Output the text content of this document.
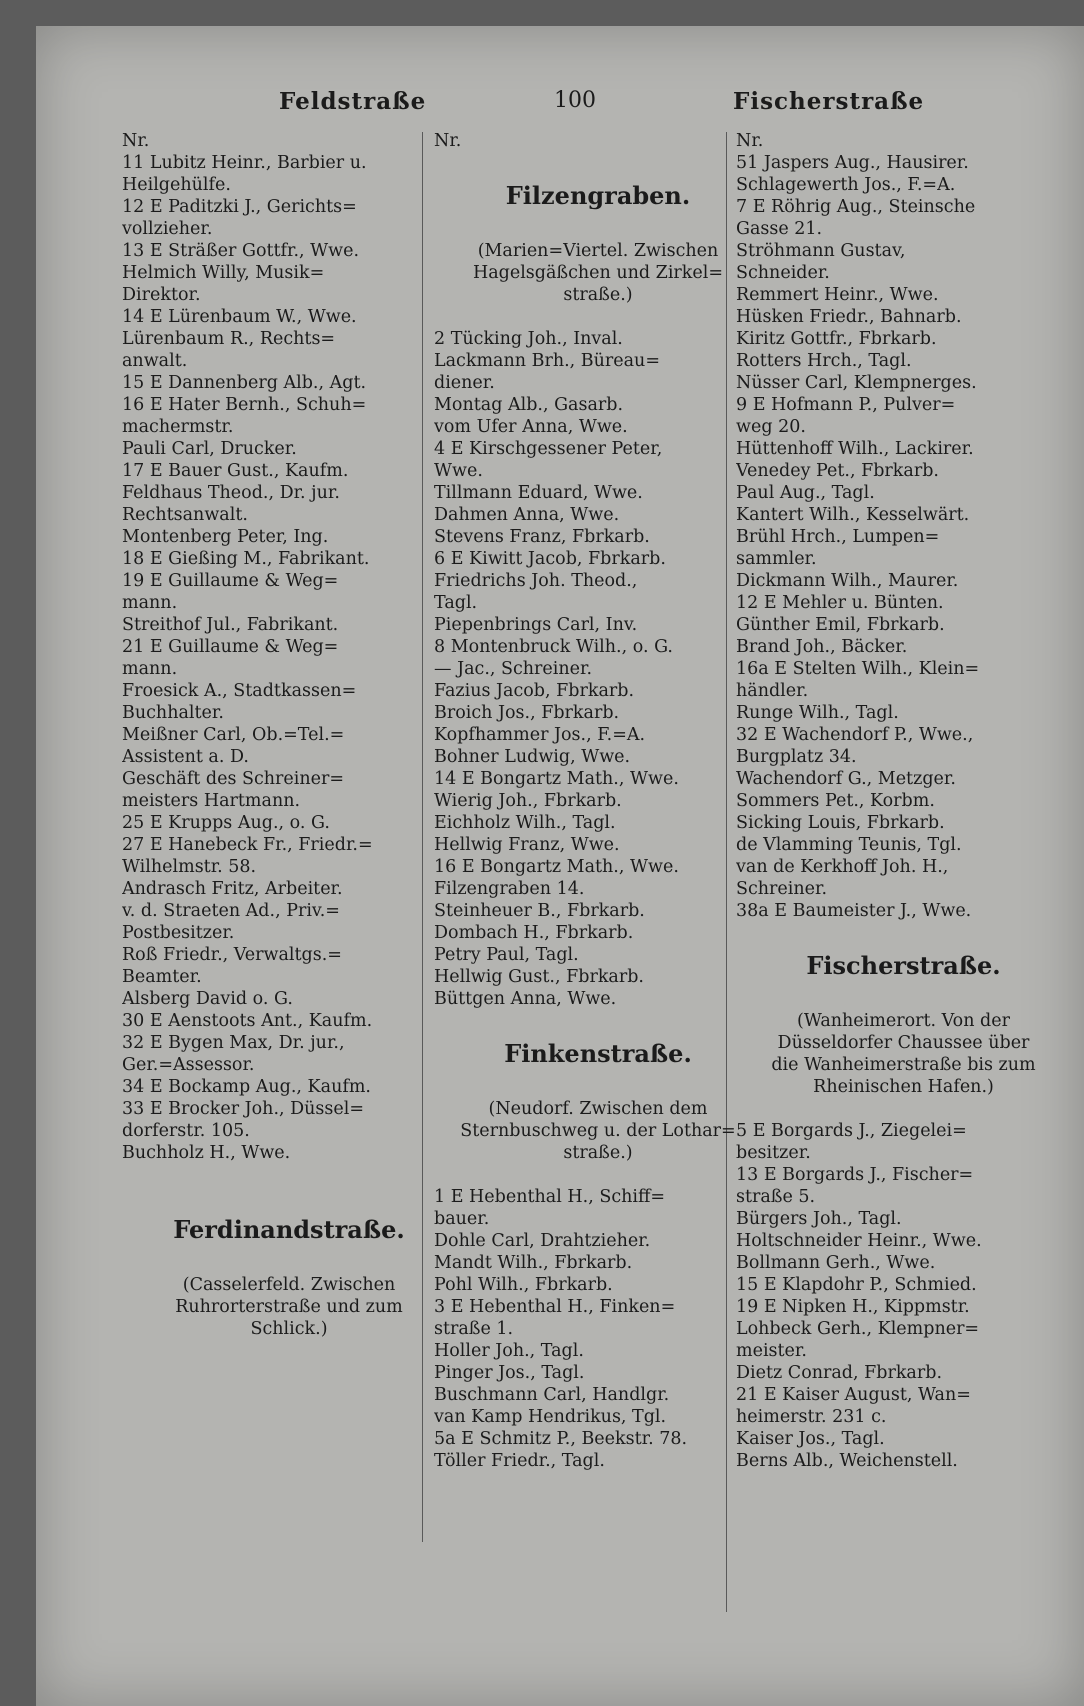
Feldstraße	100	Fischerstraße
Nr.
11 Lubitz Heinr., Barbier u.
Heilgehülfe.
12 E Paditzki J., Gerichts=
vollzieher.
13 E Sträßer Gottfr., Wwe.
Helmich Willy, Musik=
Direktor.
14 E Lürenbaum W., Wwe.
Lürenbaum R., Rechts=
anwalt.
15 E Dannenberg Alb., Agt.
16 E Hater Bernh., Schuh=
machermstr.
Pauli Carl, Drucker.
17 E Bauer Gust., Kaufm.
Feldhaus Theod., Dr. jur.
Rechtsanwalt.
Montenberg Peter, Ing.
18 E Gießing M., Fabrikant.
19 E Guillaume & Weg=
mann.
Streithof Jul., Fabrikant.
21 E Guillaume & Weg=
mann.
Froesick A., Stadtkassen=
Buchhalter.
Meißner Carl, Ob.=Tel.=
Assistent a. D.
Geschäft des Schreiner=
meisters Hartmann.
25 E Krupps Aug., o. G.
27 E Hanebeck Fr., Friedr.=
Wilhelmstr. 58.
Andrasch Fritz, Arbeiter.
v. d. Straeten Ad., Priv.=
Postbesitzer.
Roß Friedr., Verwaltgs.=
Beamter.
Alsberg David o. G.
30 E Aenstoots Ant., Kaufm.
32 E Bygen Max, Dr. jur.,
Ger.=Assessor.
34 E Bockamp Aug., Kaufm.
33 E Brocker Joh., Düssel=
dorferstr. 105.
Buchholz H., Wwe.
Ferdinandstraße.
(Casselerfeld. Zwischen
Ruhrorterstraße und zum
Schlick.)
Nr.
Filzengraben.
(Marien=Viertel. Zwischen
Hagelsgäßchen und Zirkel=
straße.)
2 Tücking Joh., Inval.
Lackmann Brh., Büreau=
diener.
Montag Alb., Gasarb.
vom Ufer Anna, Wwe.
4 E Kirschgessener Peter,
Wwe.
Tillmann Eduard, Wwe.
Dahmen Anna, Wwe.
Stevens Franz, Fbrkarb.
6 E Kiwitt Jacob, Fbrkarb.
Friedrichs Joh. Theod.,
Tagl.
Piepenbrings Carl, Inv.
8 Montenbruck Wilh., o. G.
— Jac., Schreiner.
Fazius Jacob, Fbrkarb.
Broich Jos., Fbrkarb.
Kopfhammer Jos., F.=A.
Bohner Ludwig, Wwe.
14 E Bongartz Math., Wwe.
Wierig Joh., Fbrkarb.
Eichholz Wilh., Tagl.
Hellwig Franz, Wwe.
16 E Bongartz Math., Wwe.
Filzengraben 14.
Steinheuer B., Fbrkarb.
Dombach H., Fbrkarb.
Petry Paul, Tagl.
Hellwig Gust., Fbrkarb.
Büttgen Anna, Wwe.
Finkenstraße.
(Neudorf. Zwischen dem
Sternbuschweg u. der Lothar=
straße.)
1 E Hebenthal H., Schiff=
bauer.
Dohle Carl, Drahtzieher.
Mandt Wilh., Fbrkarb.
Pohl Wilh., Fbrkarb.
3 E Hebenthal H., Finken=
straße 1.
Holler Joh., Tagl.
Pinger Jos., Tagl.
Buschmann Carl, Handlgr.
van Kamp Hendrikus, Tgl.
5a E Schmitz P., Beekstr. 78.
Töller Friedr., Tagl.
Nr.
51 Jaspers Aug., Hausirer.
Schlagewerth Jos., F.=A.
7 E Röhrig Aug., Steinsche
Gasse 21.
Ströhmann Gustav,
Schneider.
Remmert Heinr., Wwe.
Hüsken Friedr., Bahnarb.
Kiritz Gottfr., Fbrkarb.
Rotters Hrch., Tagl.
Nüsser Carl, Klempnerges.
9 E Hofmann P., Pulver=
weg 20.
Hüttenhoff Wilh., Lackirer.
Venedey Pet., Fbrkarb.
Paul Aug., Tagl.
Kantert Wilh., Kesselwärt.
Brühl Hrch., Lumpen=
sammler.
Dickmann Wilh., Maurer.
12 E Mehler u. Bünten.
Günther Emil, Fbrkarb.
Brand Joh., Bäcker.
16a E Stelten Wilh., Klein=
händler.
Runge Wilh., Tagl.
32 E Wachendorf P., Wwe.,
Burgplatz 34.
Wachendorf G., Metzger.
Sommers Pet., Korbm.
Sicking Louis, Fbrkarb.
de Vlamming Teunis, Tgl.
van de Kerkhoff Joh. H.,
Schreiner.
38a E Baumeister J., Wwe.
Fischerstraße.
(Wanheimerort. Von der
Düsseldorfer Chaussee über
die Wanheimerstraße bis zum
Rheinischen Hafen.)
5 E Borgards J., Ziegelei=
besitzer.
13 E Borgards J., Fischer=
straße 5.
Bürgers Joh., Tagl.
Holtschneider Heinr., Wwe.
Bollmann Gerh., Wwe.
15 E Klapdohr P., Schmied.
19 E Nipken H., Kippmstr.
Lohbeck Gerh., Klempner=
meister.
Dietz Conrad, Fbrkarb.
21 E Kaiser August, Wan=
heimerstr. 231 c.
Kaiser Jos., Tagl.
Berns Alb., Weichenstell.
